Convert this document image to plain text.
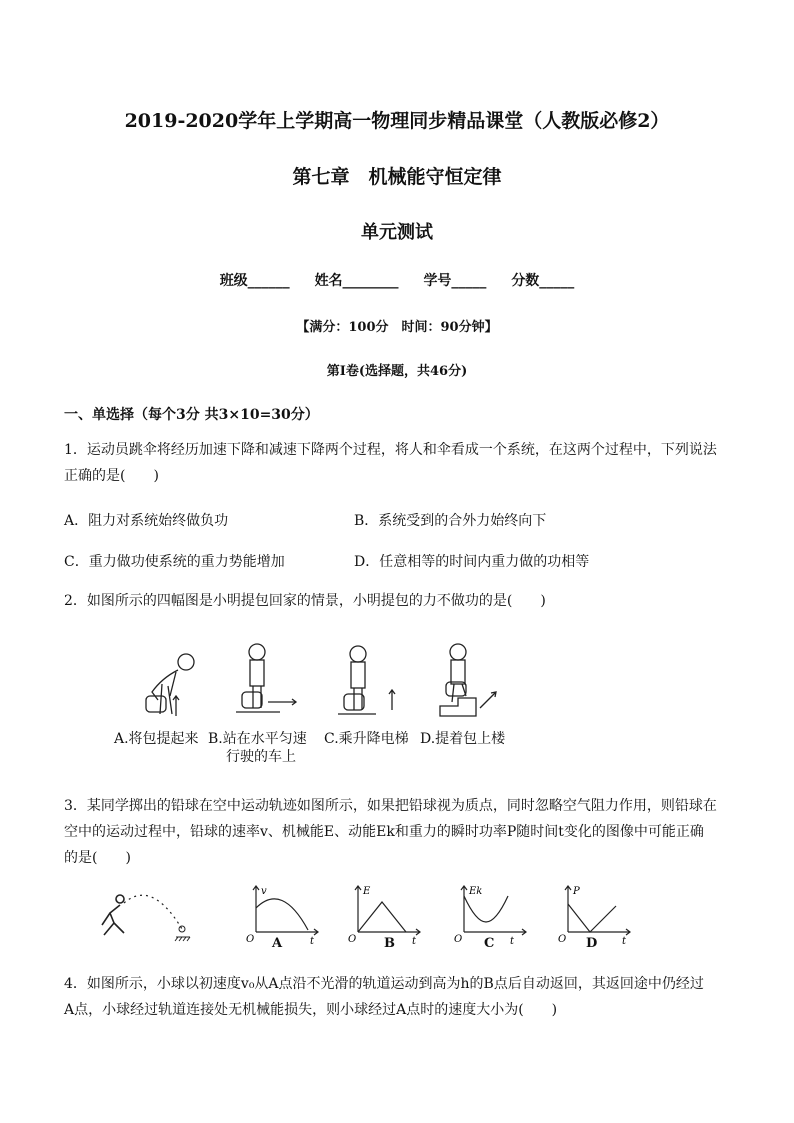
2019-2020学年上学期高一物理同步精品课堂（人教版必修2）
第七章　机械能守恒定律
单元测试
班级______ 姓名________ 学号_____ 分数_____
【满分：100分　时间：90分钟】
第Ⅰ卷(选择题，共46分)
一、单选择（每个3分 共3×10=30分）
1．运动员跳伞将经历加速下降和减速下降两个过程，将人和伞看成一个系统，在这两个过程中，下列说法
正确的是(　　)
A．阻力对系统始终做负功	B．系统受到的合外力始终向下
C．重力做功使系统的重力势能增加	D．任意相等的时间内重力做的功相等
2．如图所示的四幅图是小明提包回家的情景，小明提包的力不做功的是(　　)
A.将包提起来 B.站在水平匀速
行驶的车上
C.乘升降电梯 D.提着包上楼
3．某同学掷出的铅球在空中运动轨迹如图所示，如果把铅球视为质点，同时忽略空气阻力作用，则铅球在
空中的运动过程中，铅球的速率v、机械能E、动能Ek和重力的瞬时功率P随时间t变化的图像中可能正确
的是(　　)
O
v
t
A	O
E
t
B	O
Ek
t
C	O
P
t
D
4．如图所示，小球以初速度v₀从A点沿不光滑的轨道运动到高为h的B点后自动返回，其返回途中仍经过
A点，小球经过轨道连接处无机械能损失，则小球经过A点时的速度大小为(　　)
